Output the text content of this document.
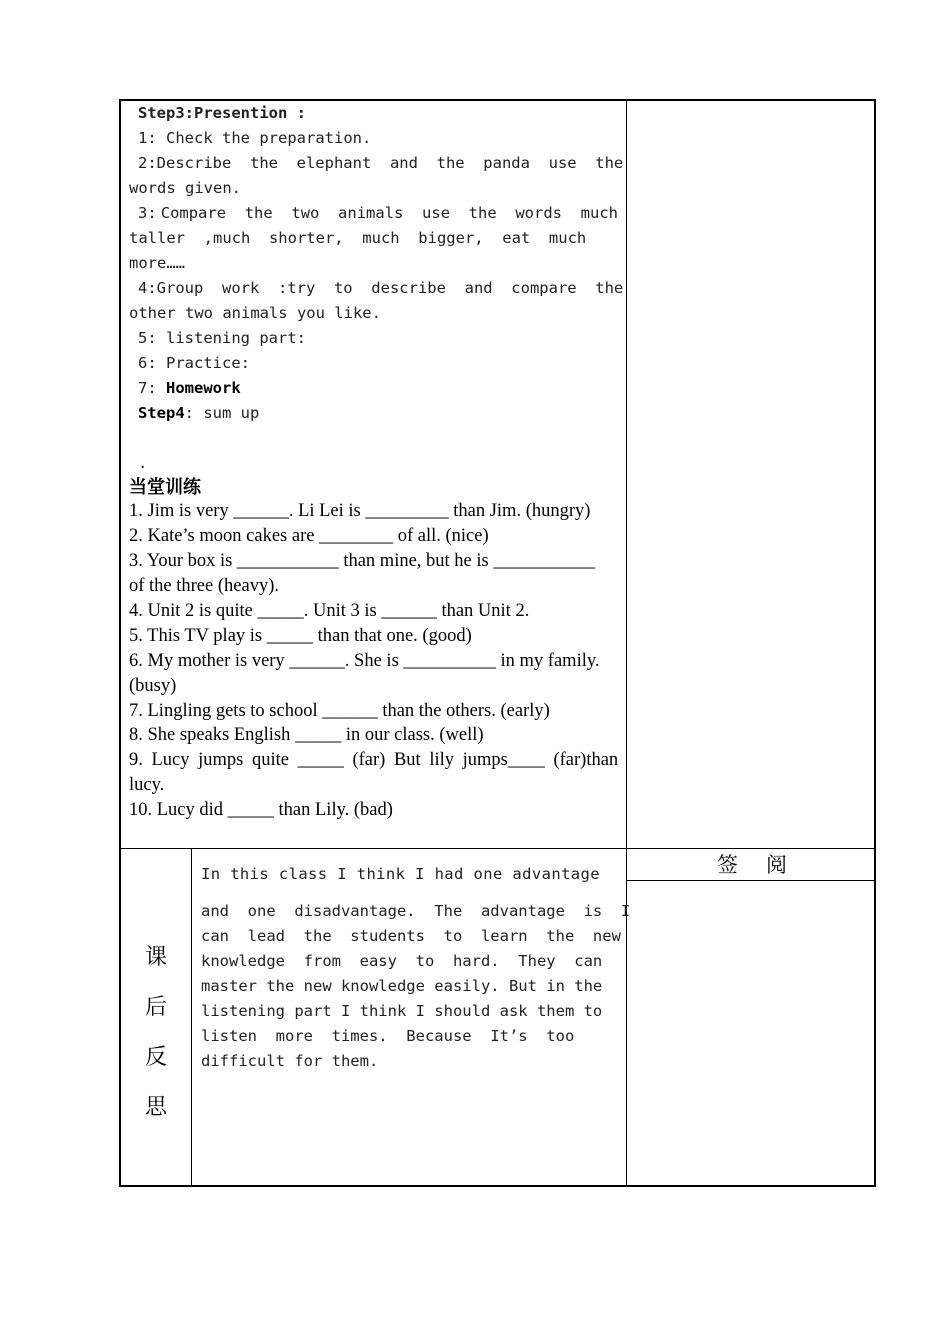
Step3:Presention :
1: Check the preparation.
2: Describe  the  elephant  and  the  panda  use  the
words given.
3: Compare  the  two  animals  use  the  words  much
taller  ,much  shorter,  much  bigger,  eat  much
more……
4: Group  work  :try  to  describe  and  compare  the
other two animals you like.
5: listening part:
6: Practice:
7: Homework
Step4: sum up
.
当堂训练
1. Jim is very ______. Li Lei is _________ than Jim. (hungry)
2. Kate’s moon cakes are ________ of all. (nice)
3. Your box is ___________ than mine, but he is ___________
of the three (heavy).
4. Unit 2 is quite _____. Unit 3 is ______ than Unit 2.
5. This TV play is _____ than that one. (good)
6. My mother is very ______. She is __________ in my family.
(busy)
7. Lingling gets to school ______ than the others. (early)
8. She speaks English _____ in our class. (well)
9. Lucy jumps quite _____ (far) But lily jumps____ (far)than
lucy.
10. Lucy did _____ than Lily. (bad)
课
后
反
思
In this class I think I had one advantage
and  one  disadvantage.  The  advantage  is  I
can  lead  the  students  to  learn  the  new
knowledge  from  easy  to  hard.  They  can
master the new knowledge easily. But in the
listening part I think I should ask them to
listen  more  times.  Because  It’s  too
difficult for them.
签阅
